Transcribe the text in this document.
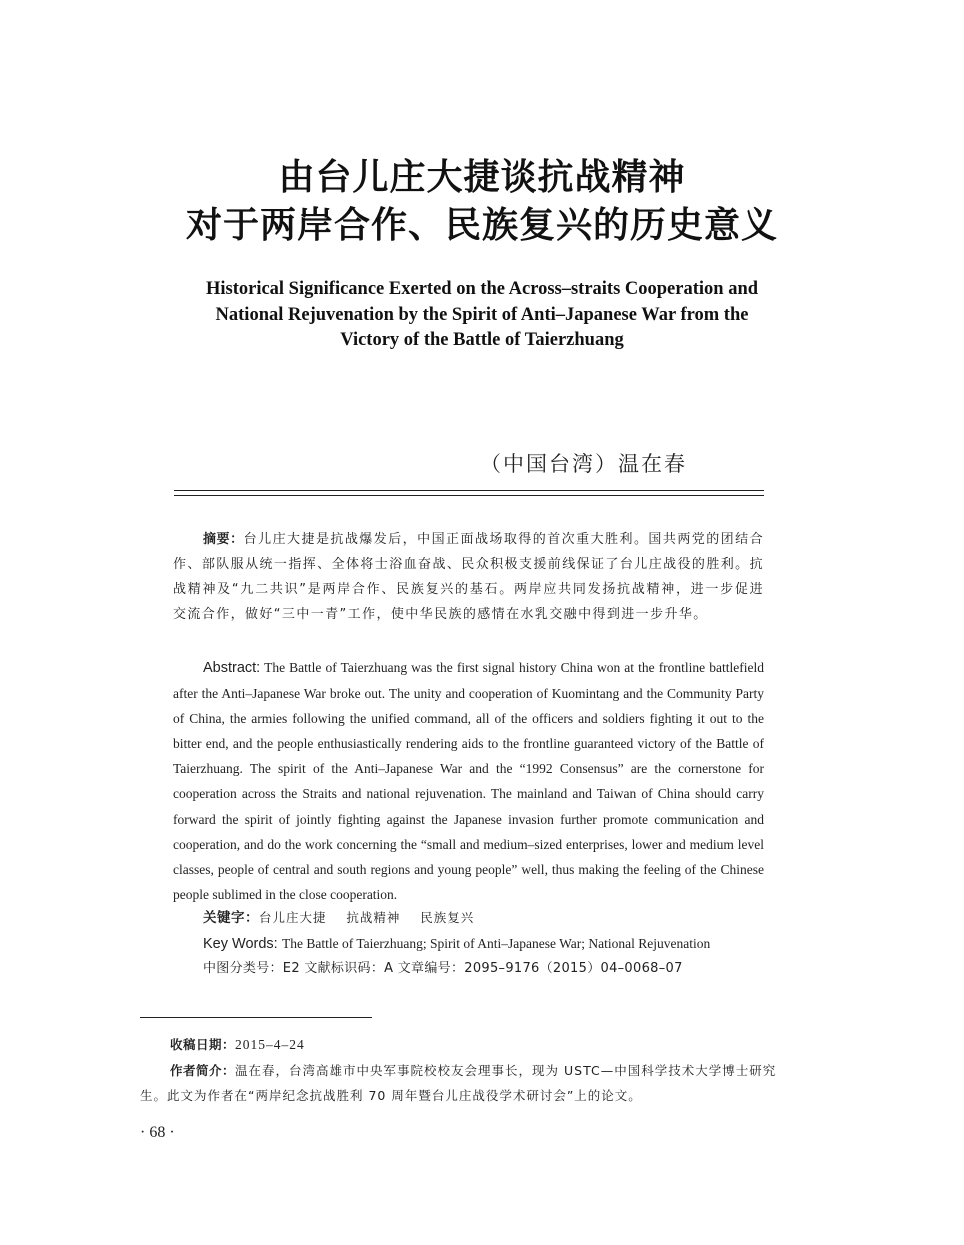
由台儿庄大捷谈抗战精神
对于两岸合作、民族复兴的历史意义
Historical Significance Exerted on the Across–straits Cooperation and
National Rejuvenation by the Spirit of Anti–Japanese War from the
Victory of the Battle of Taierzhuang
（中国台湾）温在春

摘要：台儿庄大捷是抗战爆发后，中国正面战场取得的首次重大胜利。国共两党的团结合作、部队服从统一指挥、全体将士浴血奋战、民众积极支援前线保证了台儿庄战役的胜利。抗战精神及“九二共识”是两岸合作、民族复兴的基石。两岸应共同发扬抗战精神，进一步促进交流合作，做好“三中一青”工作，使中华民族的感情在水乳交融中得到进一步升华。

Abstract: The Battle of Taierzhuang was the first signal history China won at the frontline battlefield after the Anti–Japanese War broke out. The unity and cooperation of Kuomintang and the Community Party of China, the armies following the unified command, all of the officers and soldiers fighting it out to the bitter end, and the people enthusiastically rendering aids to the frontline guaranteed victory of the Battle of Taierzhuang. The spirit of the Anti–Japanese War and the “1992 Consensus” are the cornerstone for cooperation across the Straits and national rejuvenation. The mainland and Taiwan of China should carry forward the spirit of jointly fighting against the Japanese invasion further promote communication and cooperation, and do the work concerning the “small and medium–sized enterprises, lower and medium level classes, people of central and south regions and young people” well, thus making the feeling of the Chinese people sublimed in the close cooperation.

关键字：台儿庄大捷    抗战精神    民族复兴
Key Words: The Battle of Taierzhuang; Spirit of Anti–Japanese War; National Rejuvenation
中图分类号：E2 文献标识码：A 文章编号：2095–9176（2015）04–0068–07
收稿日期：2015–4–24
作者简介：温在春，台湾高雄市中央军事院校校友会理事长，现为 USTC—中国科学技术大学博士研究生。此文为作者在“两岸纪念抗战胜利 70 周年暨台儿庄战役学术研讨会”上的论文。
· 68 ·
